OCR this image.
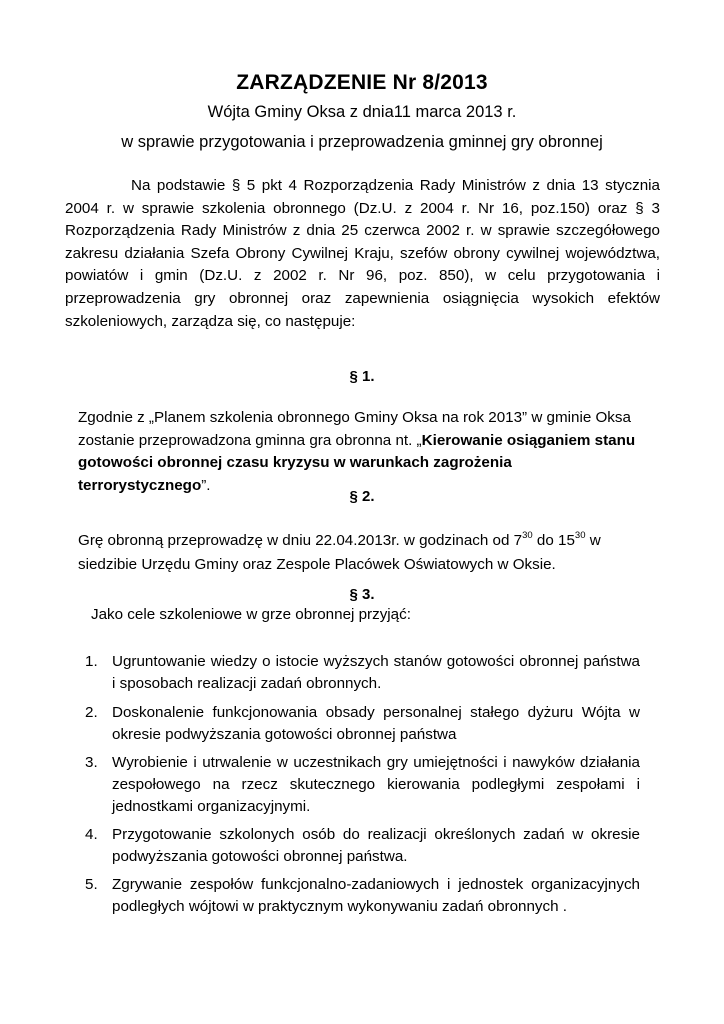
ZARZĄDZENIE Nr 8/2013
Wójta Gminy Oksa z dnia11 marca 2013 r.
w sprawie przygotowania i przeprowadzenia gminnej gry obronnej
Na podstawie § 5 pkt 4 Rozporządzenia Rady Ministrów z dnia 13 stycznia 2004 r. w sprawie szkolenia obronnego (Dz.U. z 2004 r. Nr 16, poz.150) oraz § 3 Rozporządzenia Rady Ministrów z dnia 25 czerwca 2002 r. w sprawie szczegółowego zakresu działania Szefa Obrony Cywilnej Kraju, szefów obrony cywilnej województwa, powiatów i gmin (Dz.U. z 2002 r. Nr 96, poz. 850), w celu przygotowania i przeprowadzenia gry obronnej oraz zapewnienia osiągnięcia wysokich efektów szkoleniowych, zarządza się, co następuje:
§ 1.
Zgodnie z „Planem szkolenia obronnego Gminy Oksa na rok 2013” w gminie Oksa zostanie przeprowadzona gminna gra obronna nt. „Kierowanie osiąganiem stanu gotowości obronnej czasu kryzysu w warunkach zagrożenia terrorystycznego”.
§ 2.
Grę obronną przeprowadzę w dniu 22.04.2013r. w godzinach od $7^{30}$ do $15^{30}$ w siedzibie Urzędu Gminy oraz Zespole Placówek Oświatowych w Oksie.
§ 3.
Jako cele szkoleniowe w grze obronnej przyjąć:
1. Ugruntowanie wiedzy o istocie wyższych stanów gotowości obronnej państwa i sposobach realizacji zadań obronnych.
2. Doskonalenie funkcjonowania obsady personalnej stałego dyżuru Wójta w okresie podwyższania gotowości obronnej państwa
3. Wyrobienie i utrwalenie w uczestnikach gry umiejętności i nawyków działania zespołowego na rzecz skutecznego kierowania podległymi zespołami i jednostkami organizacyjnymi.
4. Przygotowanie szkolonych osób do realizacji określonych zadań w okresie podwyższania gotowości obronnej państwa.
5. Zgrywanie zespołów funkcjonalno-zadaniowych i jednostek organizacyjnych podległych wójtowi w praktycznym wykonywaniu zadań obronnych .
